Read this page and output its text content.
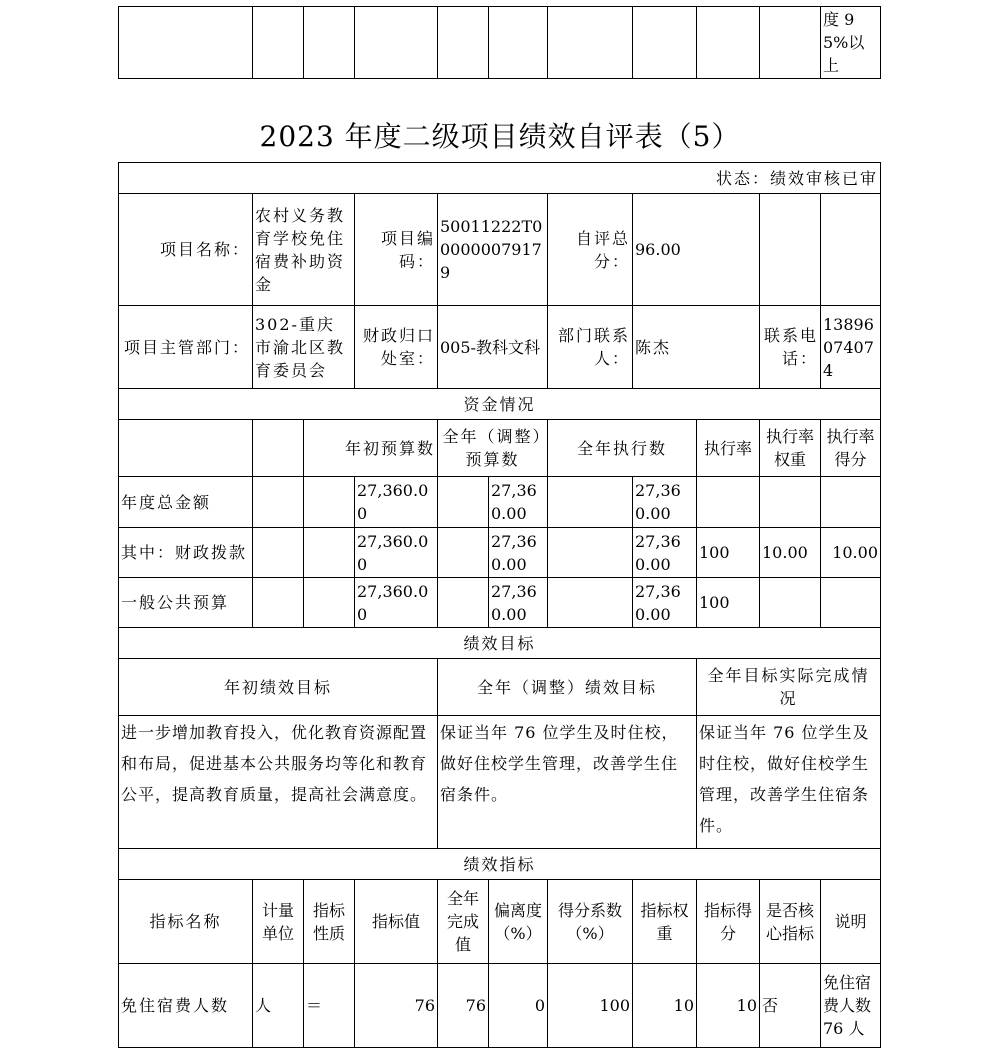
										度 95%以上
2023 年度二级项目绩效自评表（5）
状态：绩效审核已审										
项目名称：	农村义务教育学校免住宿费补助资金		项目编码：	50011222T000000079179		自评总分：	96.00			
项目主管部门：	302-重庆市渝北区教育委员会		财政归口处室：	005-教科文科		部门联系人：	陈杰		联系电话：	13896074074
资金情况										
		年初预算数		全年（调整）预算数		全年执行数		执行率	执行率权重	执行率得分
年度总金额			27,360.00		27,360.00		27,360.00			
其中：财政拨款			27,360.00		27,360.00		27,360.00	100	10.00	10.00
一般公共预算			27,360.00		27,360.00		27,360.00	100		
绩效目标										
年初绩效目标				全年（调整）绩效目标				全年目标实际完成情况		
进一步增加教育投入，优化教育资源配置和布局，促进基本公共服务均等化和教育公平，提高教育质量，提高社会满意度。				保证当年 76 位学生及时住校，做好住校学生管理，改善学生住宿条件。				保证当年 76 位学生及时住校，做好住校学生管理，改善学生住宿条件。		
绩效指标										
指标名称	计量单位	指标性质	指标值	全年完成值	偏离度（%）	得分系数（%）	指标权重	指标得分	是否核心指标	说明
免住宿费人数	人	＝	76	76	0	100	10	10	否	免住宿费人数 76 人
